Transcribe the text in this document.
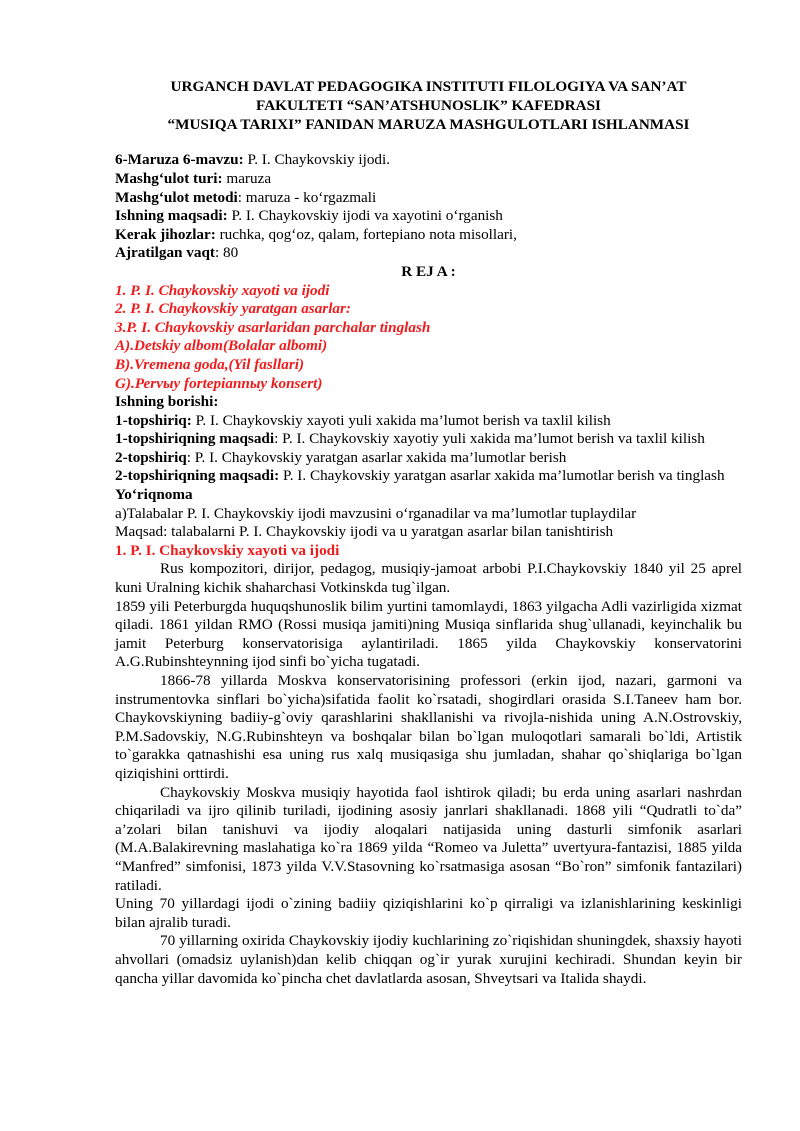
URGANCH DAVLAT PEDAGOGIKA INSTITUTI FILOLOGIYA VA SAN’AT
FAKULTETI “SAN’ATSHUNOSLIK” KAFEDRASI
“MUSIQA TARIXI” FANIDAN MARUZA MASHGULOTLARI ISHLANMASI

6-Maruza 6-mavzu: P. I. Chaykovskiy ijodi.

Mashg‘ulot turi: maruza

Mashg‘ulot metodi: maruza - ko‘rgazmali

Ishning maqsadi: P. I. Chaykovskiy ijodi va xayotini o‘rganish

Kerak jihozlar: ruchka, qog‘oz, qalam, fortepiano nota misollari,

Ajratilgan vaqt: 80

R EJ A :

1. P. I. Chaykovskiy xayoti va ijodi

2. P. I. Chaykovskiy yaratgan asarlar:

3.P. I. Chaykovskiy asarlaridan parchalar tinglash

A).Detskiy albom(Bolalar albomi)

B).Vremena goda,(Yil fasllari)

G).Реrvыy fortepiannыy konsert)

Ishning borishi:

1-topshiriq: P. I. Chaykovskiy xayoti yuli xakida ma’lumot berish va taxlil kilish

1-topshiriqning maqsadi: P. I. Chaykovskiy xayotiy yuli xakida ma’lumot berish va taxlil kilish

2-topshiriq: P. I. Chaykovskiy yaratgan asarlar xakida ma’lumotlar berish

2-topshiriqning maqsadi: P. I. Chaykovskiy yaratgan asarlar xakida ma’lumotlar berish va tinglash

Yo‘riqnoma

a)Talabalar P. I. Chaykovskiy ijodi mavzusini o‘rganadilar va ma’lumotlar tuplaydilar

Maqsad: talabalarni P. I. Chaykovskiy ijodi va u yaratgan asarlar bilan tanishtirish

1. P. I. Chaykovskiy xayoti va ijodi

Rus kompozitori, dirijor, pedagog, musiqiy-jamoat arbobi P.I.Chaykovskiy 1840 yil 25 aprel kuni Uralning kichik shaharchasi Votkinskda tug`ilgan.

1859 yili Peterburgda huquqshunoslik bilim yurtini tamomlaydi, 1863 yilgacha Adli vazirligida xizmat qiladi. 1861 yildan RMO (Rossi musiqa jamiti)ning Musiqa sinflarida shug`ullanadi, keyinchalik bu jamit Peterburg konservatorisiga aylantiriladi. 1865 yilda Chaykovskiy konservatorini A.G.Rubinshteynning ijod sinfi bo`yicha tugatadi.

1866-78 yillarda Moskva konservatorisining professori (erkin ijod, nazari, garmoni va instrumentovka sinflari bo`yicha)sifatida faolit ko`rsatadi, shogirdlari orasida S.I.Taneev ham bor. Chaykovskiyning badiiy-g`oviy qarashlarini shakllanishi va rivojla-nishida uning A.N.Ostrovskiy, P.M.Sadovskiy, N.G.Rubinshteyn va boshqalar bilan bo`lgan muloqotlari samarali bo`ldi, Artistik to`garakka qatnashishi esa uning rus xalq musiqasiga shu jumladan, shahar qo`shiqlariga bo`lgan qiziqishini orttirdi.

Chaykovskiy Moskva musiqiy hayotida faol ishtirok qiladi; bu erda uning asarlari nashrdan chiqariladi va ijro qilinib turiladi, ijodining asosiy janrlari shakllanadi. 1868 yili “Qudratli to`da” a’zolari bilan tanishuvi va ijodiy aloqalari natijasida uning dasturli simfonik asarlari (M.A.Balakirevning maslahatiga ko`ra 1869 yilda “Romeo va Juletta” uvertyura-fantazisi, 1885 yilda “Manfred” simfonisi, 1873 yilda V.V.Stasovning ko`rsatmasiga asosan “Bo`ron” simfonik fantazilari) ratiladi.

Uning 70 yillardagi ijodi o`zining badiiy qiziqishlarini ko`p qirraligi va izlanishlarining keskinligi bilan ajralib turadi.

70 yillarning oxirida Chaykovskiy ijodiy kuchlarining zo`riqishidan shuningdek, shaxsiy hayoti ahvollari (omadsiz uylanish)dan kelib chiqqan og`ir yurak xurujini kechiradi. Shundan keyin bir qancha yillar davomida ko`pincha chet davlatlarda asosan, Shveytsari va Italida shaydi.
